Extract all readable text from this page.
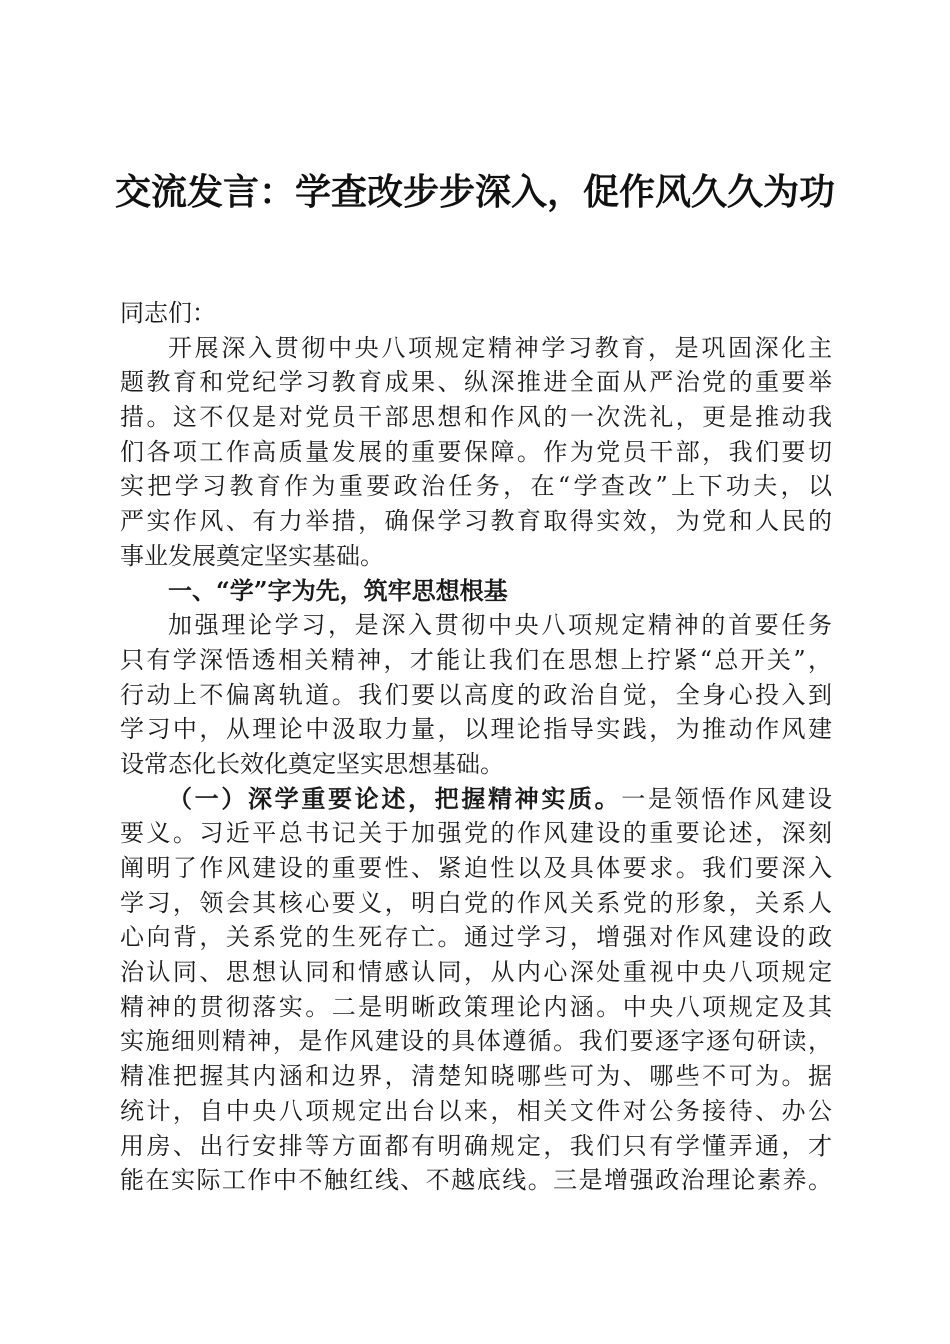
交流发言：学查改步步深入，促作风久久为功
同志们：
开展深入贯彻中央八项规定精神学习教育，是巩固深化主
题教育和党纪学习教育成果、纵深推进全面从严治党的重要举
措。这不仅是对党员干部思想和作风的一次洗礼，更是推动我
们各项工作高质量发展的重要保障。作为党员干部，我们要切
实把学习教育作为重要政治任务，在“学查改”上下功夫，以
严实作风、有力举措，确保学习教育取得实效，为党和人民的
事业发展奠定坚实基础。
一、“学”字为先，筑牢思想根基
加强理论学习，是深入贯彻中央八项规定精神的首要任务
只有学深悟透相关精神，才能让我们在思想上拧紧“总开关”，
行动上不偏离轨道。我们要以高度的政治自觉，全身心投入到
学习中，从理论中汲取力量，以理论指导实践，为推动作风建
设常态化长效化奠定坚实思想基础。
（一）深学重要论述，把握精神实质。一是领悟作风建设
要义。习近平总书记关于加强党的作风建设的重要论述，深刻
阐明了作风建设的重要性、紧迫性以及具体要求。我们要深入
学习，领会其核心要义，明白党的作风关系党的形象，关系人
心向背，关系党的生死存亡。通过学习，增强对作风建设的政
治认同、思想认同和情感认同，从内心深处重视中央八项规定
精神的贯彻落实。二是明晰政策理论内涵。中央八项规定及其
实施细则精神，是作风建设的具体遵循。我们要逐字逐句研读，
精准把握其内涵和边界，清楚知晓哪些可为、哪些不可为。据
统计，自中央八项规定出台以来，相关文件对公务接待、办公
用房、出行安排等方面都有明确规定，我们只有学懂弄通，才
能在实际工作中不触红线、不越底线。三是增强政治理论素养。
